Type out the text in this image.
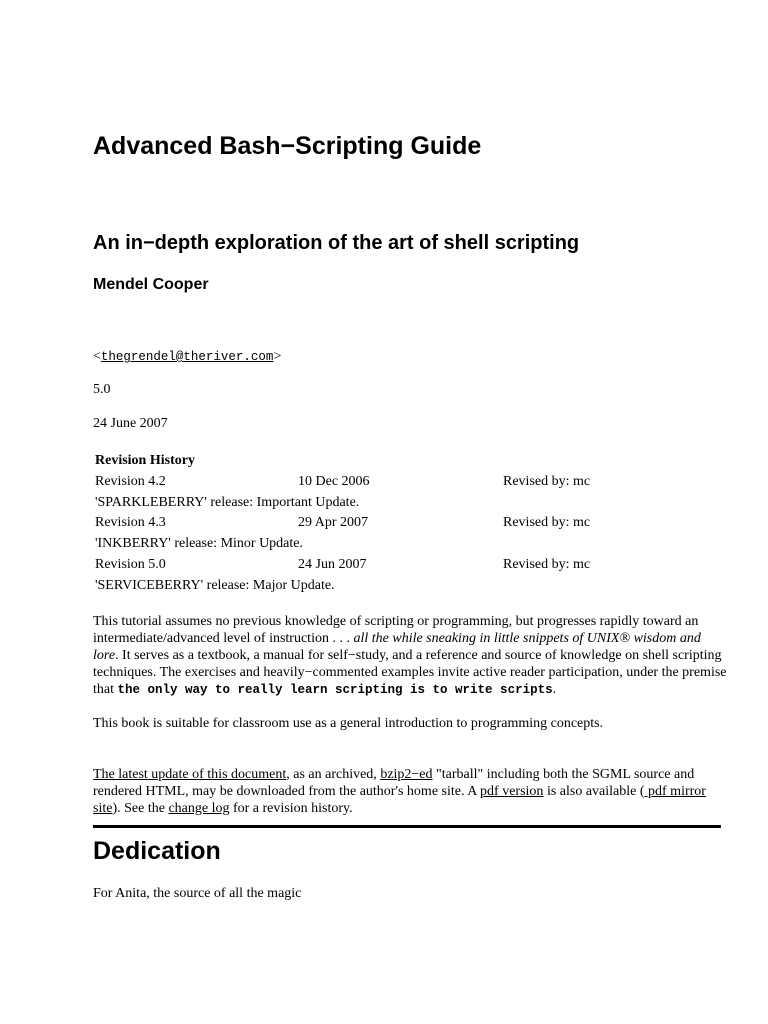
Advanced Bash−Scripting Guide
An in−depth exploration of the art of shell scripting
Mendel Cooper

<thegrendel@theriver.com>

5.0

24 June 2007

Revision History
Revision 4.2	10 Dec 2006	Revised by: mc
'SPARKLEBERRY' release: Important Update.
Revision 4.3	29 Apr 2007	Revised by: mc
'INKBERRY' release: Minor Update.
Revision 5.0	24 Jun 2007	Revised by: mc
'SERVICEBERRY' release: Major Update.

This tutorial assumes no previous knowledge of scripting or programming, but progresses rapidly toward an intermediate/advanced level of instruction . . . all the while sneaking in little snippets of UNIX® wisdom and lore. It serves as a textbook, a manual for self−study, and a reference and source of knowledge on shell scripting techniques. The exercises and heavily−commented examples invite active reader participation, under the premise that the only way to really learn scripting is to write scripts.

This book is suitable for classroom use as a general introduction to programming concepts.

The latest update of this document, as an archived, bzip2−ed "tarball" including both the SGML source and rendered HTML, may be downloaded from the author's home site. A pdf version is also available ( pdf mirror site). See the change log for a revision history.

Dedication

For Anita, the source of all the magic
